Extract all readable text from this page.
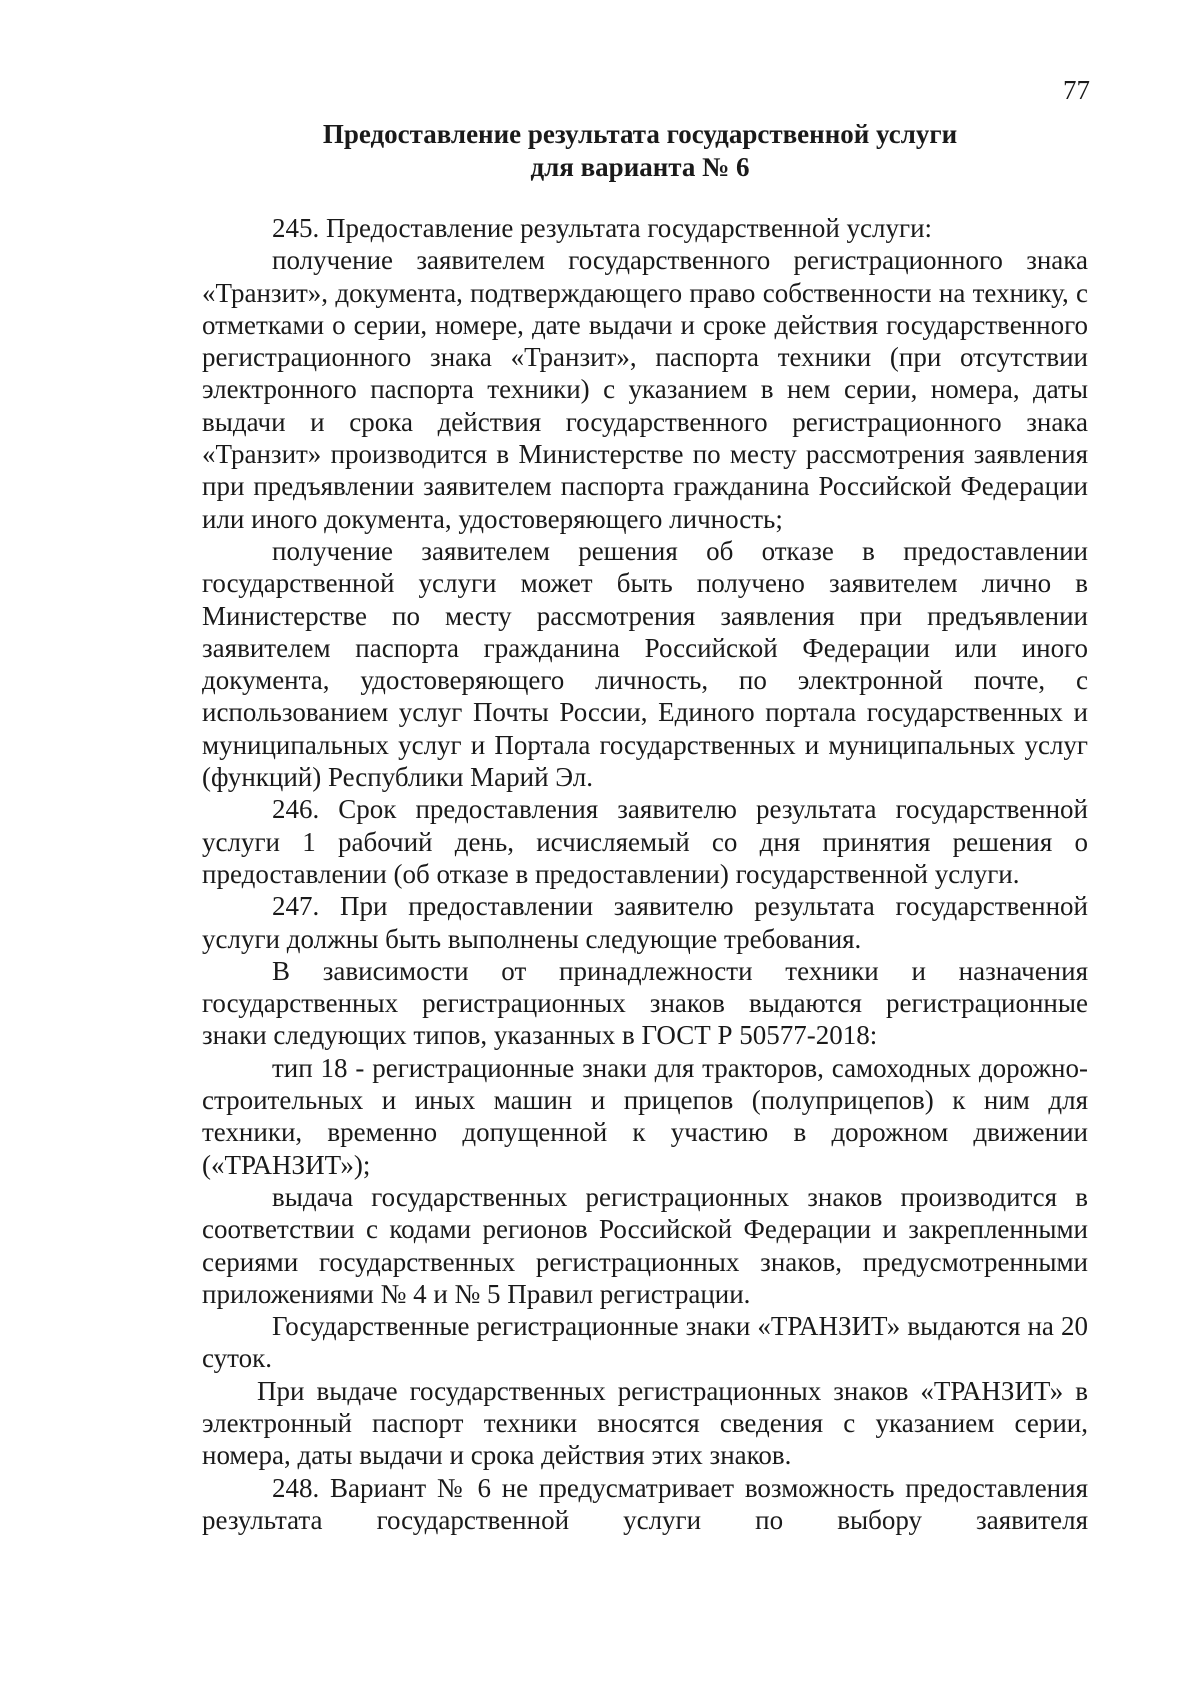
77
Предоставление результата государственной услуги
для варианта № 6

245. Предоставление результата государственной услуги:

получение заявителем государственного регистрационного знака «Транзит», документа, подтверждающего право собственности на технику, с отметками о серии, номере, дате выдачи и сроке действия государственного регистрационного знака «Транзит», паспорта техники (при отсутствии электронного паспорта техники) с указанием в нем серии, номера, даты выдачи и срока действия государственного регистрационного знака «Транзит» производится в Министерстве по месту рассмотрения заявления при предъявлении заявителем паспорта гражданина Российской Федерации или иного документа, удостоверяющего личность;

получение заявителем решения об отказе в предоставлении государственной услуги может быть получено заявителем лично в Министерстве по месту рассмотрения заявления при предъявлении заявителем паспорта гражданина Российской Федерации или иного документа, удостоверяющего личность, по электронной почте, с использованием услуг Почты России, Единого портала государственных и муниципальных услуг и Портала государственных и муниципальных услуг (функций) Республики Марий Эл.

246. Срок предоставления заявителю результата государственной услуги 1 рабочий день, исчисляемый со дня принятия решения о предоставлении (об отказе в предоставлении) государственной услуги.

247. При предоставлении заявителю результата государственной услуги должны быть выполнены следующие требования.

В зависимости от принадлежности техники и назначения государственных регистрационных знаков выдаются регистрационные знаки следующих типов, указанных в ГОСТ Р 50577-2018:

тип 18 - регистрационные знаки для тракторов, самоходных дорожно-строительных и иных машин и прицепов (полуприцепов) к ним для техники, временно допущенной к участию в дорожном движении («ТРАНЗИТ»);

выдача государственных регистрационных знаков производится в соответствии с кодами регионов Российской Федерации и закрепленными сериями государственных регистрационных знаков, предусмотренными приложениями № 4 и № 5 Правил регистрации.

Государственные регистрационные знаки «ТРАНЗИТ» выдаются на 20 суток.

При выдаче государственных регистрационных знаков «ТРАНЗИТ» в электронный паспорт техники вносятся сведения с указанием серии, номера, даты выдачи и срока действия этих знаков.

248. Вариант № 6 не предусматривает возможность предоставления результата государственной услуги по выбору заявителя
